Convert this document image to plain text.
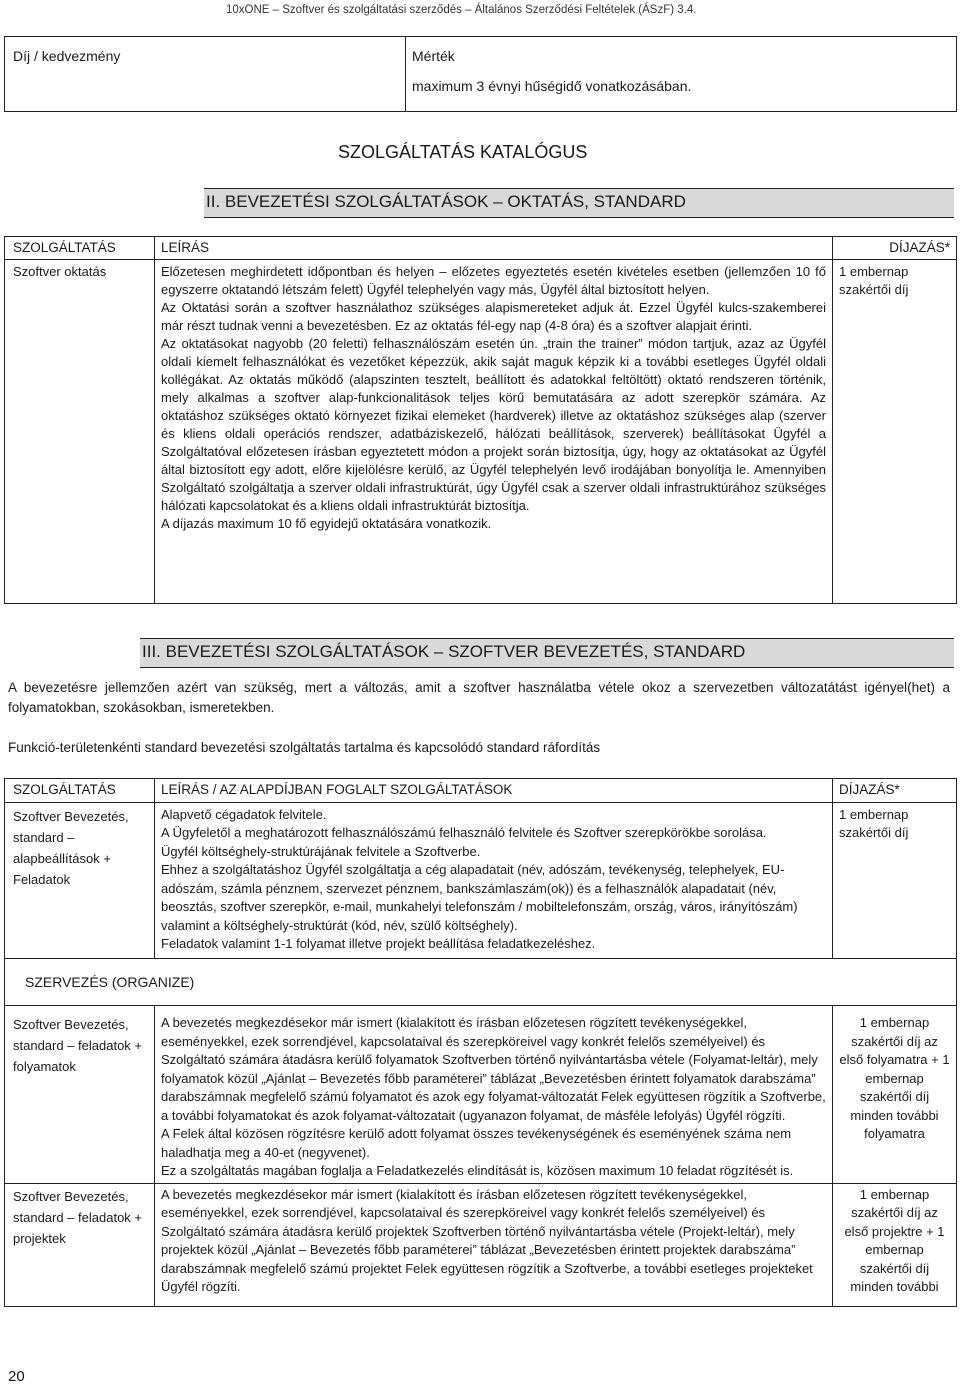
10xONE – Szoftver és szolgáltatási szerződés – Általános Szerződési Feltételek (ÁSzF) 3.4.
Díj / kedvezmény	Mérték
	maximum 3 évnyi hűségidő vonatkozásában.
SZOLGÁLTATÁS KATALÓGUS
II. BEVEZETÉSI SZOLGÁLTATÁSOK – OKTATÁS, STANDARD
SZOLGÁLTATÁS	LEÍRÁS	DÍJAZÁS*
Szoftver oktatás	Előzetesen meghirdetett időpontban és helyen – előzetes egyeztetés esetén kivételes esetben (jellemzően 10 fő egyszerre oktatandó létszám felett) Ügyfél telephelyén vagy más, Ügyfél által biztosított helyen.

Az Oktatási során a szoftver használathoz szükséges alapismereteket adjuk át. Ezzel Ügyfél kulcs-szakemberei már részt tudnak venni a bevezetésben. Ez az oktatás fél-egy nap (4-8 óra) és a szoftver alapjait érinti.

Az oktatásokat nagyobb (20 feletti) felhasználószám esetén ún. „train the trainer” módon tartjuk, azaz az Ügyfél oldali kiemelt felhasználókat és vezetőket képezzük, akik saját maguk képzik ki a további esetleges Ügyfél oldali kollégákat. Az oktatás működő (alapszinten tesztelt, beállított és adatokkal feltöltött) oktató rendszeren történik, mely alkalmas a szoftver alap-funkcionalitások teljes körű bemutatására az adott szerepkör számára. Az oktatáshoz szükséges oktató környezet fizikai elemeket (hardverek) illetve az oktatáshoz szükséges alap (szerver és kliens oldali operációs rendszer, adatbáziskezelő, hálózati beállítások, szerverek) beállításokat Ügyfél a Szolgáltatóval előzetesen írásban egyeztetett módon a projekt során biztosítja, úgy, hogy az oktatásokat az Ügyfél által biztosított egy adott, előre kijelölésre kerülő, az Ügyfél telephelyén levő irodájában bonyolítja le. Amennyiben Szolgáltató szolgáltatja a szerver oldali infrastruktúrát, úgy Ügyfél csak a szerver oldali infrastruktúrához szükséges hálózati kapcsolatokat és a kliens oldali infrastruktúrát biztosítja.

A díjazás maximum 10 fő egyidejű oktatására vonatkozik.	1 embernap szakértői díj
III. BEVEZETÉSI SZOLGÁLTATÁSOK – SZOFTVER BEVEZETÉS, STANDARD
A bevezetésre jellemzően azért van szükség, mert a változás, amit a szoftver használatba vétele okoz a szervezetben változatátást igényel(het) a folyamatokban, szokásokban, ismeretekben.
Funkció-területenkénti standard bevezetési szolgáltatás tartalma és kapcsolódó standard ráfordítás
SZOLGÁLTATÁS	LEÍRÁS / AZ ALAPDÍJBAN FOGLALT SZOLGÁLTATÁSOK	DÍJAZÁS*
Szoftver Bevezetés, standard – alapbeállítások + Feladatok	Alapvető cégadatok felvitele.

A Ügyfeletől a meghatározott felhasználószámú felhasználó felvitele és Szoftver szerepkörökbe sorolása.

Ügyfél költséghely-struktúrájának felvitele a Szoftverbe.

Ehhez a szolgáltatáshoz Ügyfél szolgáltatja a cég alapadatait (név, adószám, tevékenység, telephelyek, EU-adószám, számla pénznem, szervezet pénznem, bankszámlaszám(ok)) és a felhasználók alapadatait (név, beosztás, szoftver szerepkör, e-mail, munkahelyi telefonszám / mobiltelefonszám, ország, város, irányítószám) valamint a költséghely-struktúrát (kód, név, szülő költséghely).

Feladatok valamint 1-1 folyamat illetve projekt beállítása feladatkezeléshez.	1 embernap szakértői díj
SZERVEZÉS (ORGANIZE)		
Szoftver Bevezetés, standard – feladatok + folyamatok	A bevezetés megkezdésekor már ismert (kialakított és írásban előzetesen rögzített tevékenységekkel, eseményekkel, ezek sorrendjével, kapcsolataival és szerepköreivel vagy konkrét felelős személyeivel) és Szolgáltató számára átadásra kerülő folyamatok Szoftverben történő nyilvántartásba vétele (Folyamat-leltár), mely folyamatok közül „Ajánlat – Bevezetés főbb paraméterei” táblázat „Bevezetésben érintett folyamatok darabszáma” darabszámnak megfelelő számú folyamatot és azok egy folyamat-változatát Felek együttesen rögzítik a Szoftverbe, a további folyamatokat és azok folyamat-változatait (ugyanazon folyamat, de másféle lefolyás) Ügyfél rögzíti.

A Felek által közösen rögzítésre kerülő adott folyamat összes tevékenységének és eseményének száma nem haladhatja meg a 40-et (negyvenet).

Ez a szolgáltatás magában foglalja a Feladatkezelés elindítását is, közösen maximum 10 feladat rögzítését is.	1 embernap szakértői díj az első folyamatra + 1 embernap szakértői díj minden további folyamatra
Szoftver Bevezetés, standard – feladatok + projektek	A bevezetés megkezdésekor már ismert (kialakított és írásban előzetesen rögzített tevékenységekkel, eseményekkel, ezek sorrendjével, kapcsolataival és szerepköreivel vagy konkrét felelős személyeivel) és Szolgáltató számára átadásra kerülő projektek Szoftverben történő nyilvántartásba vétele (Projekt-leltár), mely projektek közül „Ajánlat – Bevezetés főbb paraméterei” táblázat „Bevezetésben érintett projektek darabszáma” darabszámnak megfelelő számú projektet Felek együttesen rögzítik a Szoftverbe, a további esetleges projekteket Ügyfél rögzíti.	1 embernap szakértői díj az első projektre + 1 embernap szakértői díj minden további
20
